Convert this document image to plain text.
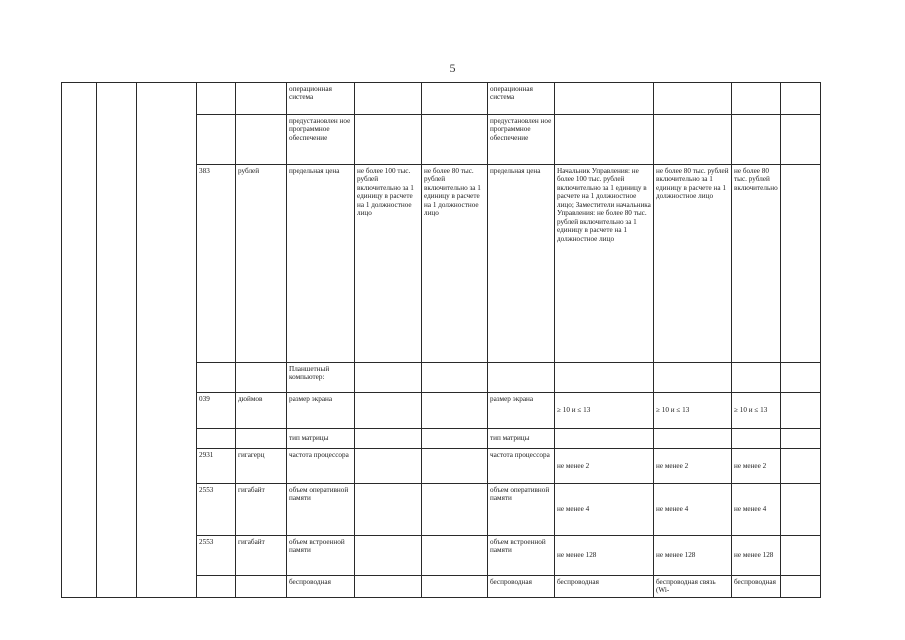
5
					операционная система			операционная система				
					предустановлен ное программное обеспечение			предустановлен ное программное обеспечение				
			383	рублей	предельная цена	не более 100 тыс. рублей включительно за 1 единицу в расчете на 1 должностное лицо	не более 80 тыс. рублей включительно за 1 единицу в расчете на 1 должностное лицо	предельная цена	Начальник Управления: не более 100 тыс. рублей включительно за 1 единицу в расчете на 1 должностное лицо; Заместители начальника Управления: не более 80 тыс. рублей включительно за 1 единицу в расчете на 1 должностное лицо	не более 80 тыс. рублей включительно за 1 единицу в расчете на 1 должностное лицо	не более 80 тыс. рублей включительно	
					Планшетный компьютер:							
			039	дюймов	размер экрана			размер экрана	≥ 10 и ≤ 13	≥ 10 и ≤ 13	≥ 10 и ≤ 13	
					тип матрицы			тип матрицы				
			2931	гигагерц	частота процессора			частота процессора	не менее 2	не менее 2	не менее 2	
			2553	гигабайт	объем оперативной памяти			объем оперативной памяти	не менее 4	не менее 4	не менее 4	
			2553	гигабайт	объем встроенной памяти			объем встроенной памяти	не менее 128	не менее 128	не менее 128	
					беспроводная			беспроводная	беспроводная	беспроводная связь (Wi-	беспроводная	
